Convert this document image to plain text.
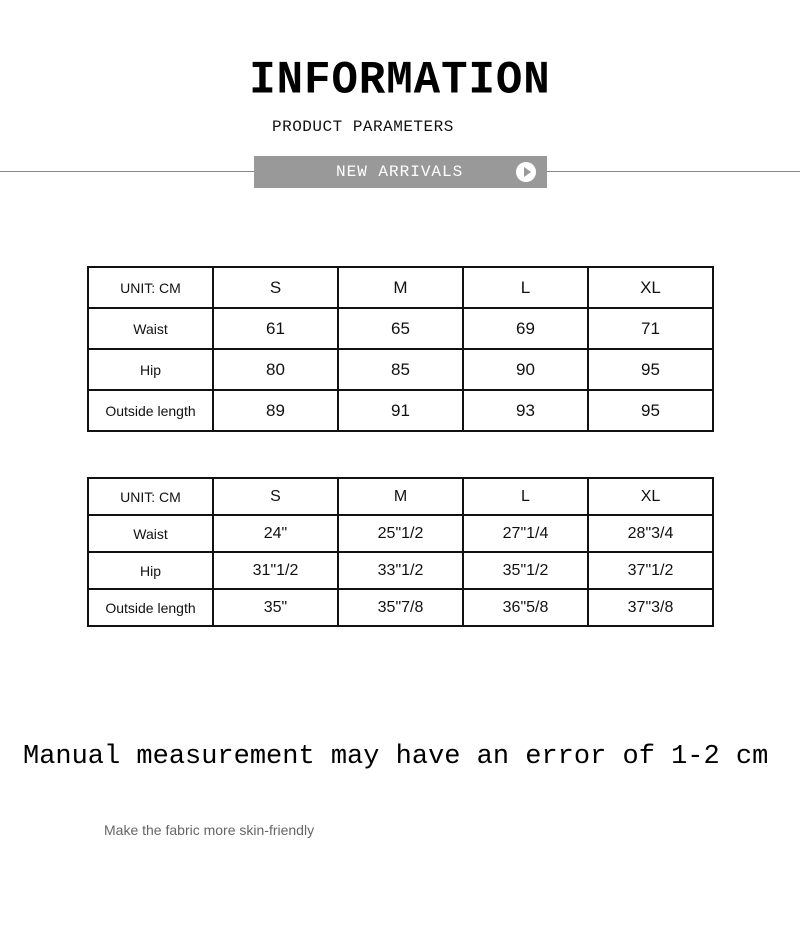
INFORMATION
PRODUCT PARAMETERS
NEW ARRIVALS
UNIT: CM	S	M	L	XL
Waist	61	65	69	71
Hip	80	85	90	95
Outside length	89	91	93	95
UNIT: CM	S	M	L	XL
Waist	24"	25"1/2	27"1/4	28"3/4
Hip	31"1/2	33"1/2	35"1/2	37"1/2
Outside length	35"	35"7/8	36"5/8	37"3/8
Manual measurement may have an error of 1-2 cm
Make the fabric more skin-friendly
